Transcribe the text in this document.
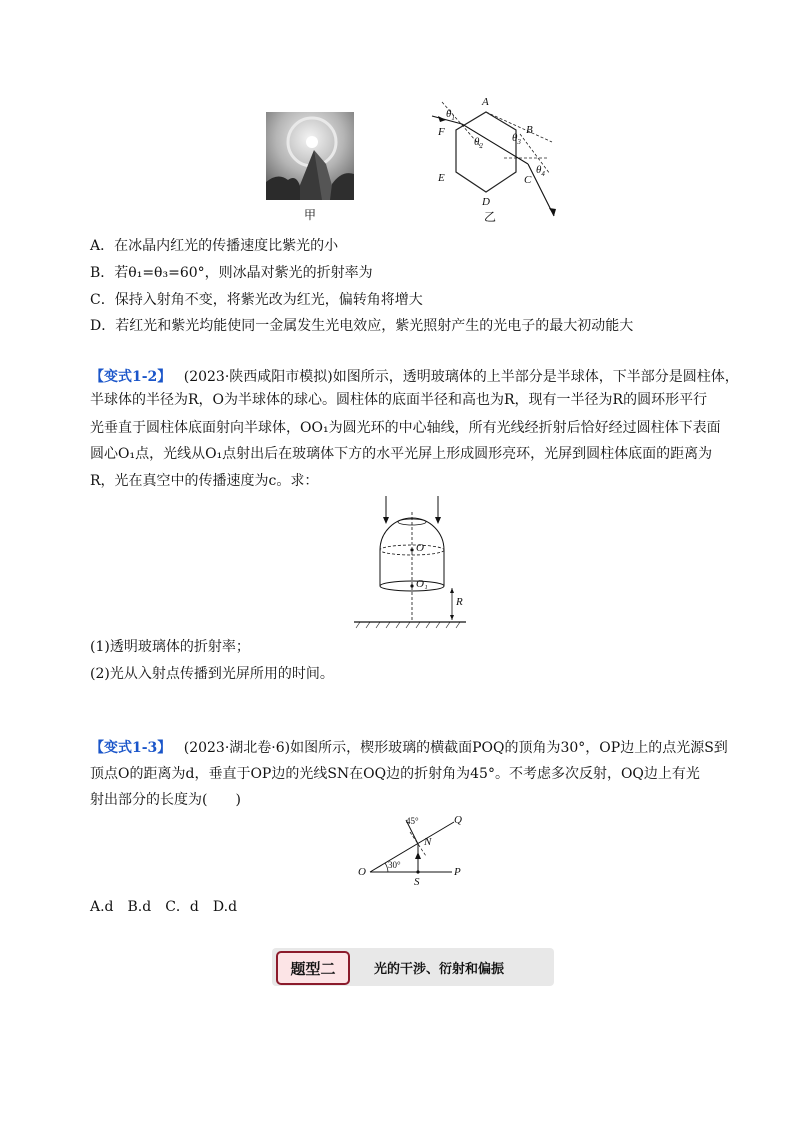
甲
A
B
C
D
E
F
$\theta_1$
$\theta_2$
$\theta_3$
$\theta_4$
乙
A．在冰晶内红光的传播速度比紫光的小
B．若θ₁=θ₃=60°，则冰晶对紫光的折射率为
C．保持入射角不变，将紫光改为红光，偏转角将增大
D．若红光和紫光均能使同一金属发生光电效应，紫光照射产生的光电子的最大初动能大
【变式1-2】 (2023·陕西咸阳市模拟)如图所示，透明玻璃体的上半部分是半球体，下半部分是圆柱体，
半球体的半径为R，O为半球体的球心。圆柱体的底面半径和高也为R，现有一半径为R的圆环形平行
光垂直于圆柱体底面射向半球体，OO₁为圆光环的中心轴线，所有光线经折射后恰好经过圆柱体下表面
圆心O₁点，光线从O₁点射出后在玻璃体下方的水平光屏上形成圆形亮环，光屏到圆柱体底面的距离为
R，光在真空中的传播速度为c。求：
O
O₁
R
(1)透明玻璃体的折射率；
(2)光从入射点传播到光屏所用的时间。
【变式1-3】 (2023·湖北卷·6)如图所示，楔形玻璃的横截面POQ的顶角为30°，OP边上的点光源S到
顶点O的距离为d，垂直于OP边的光线SN在OQ边的折射角为45°。不考虑多次反射，OQ边上有光
射出部分的长度为(　　)
O	P
Q
S
N
30°
45°
A.d　B.d　C．d　D.d
题型二	光的干涉、衍射和偏振
